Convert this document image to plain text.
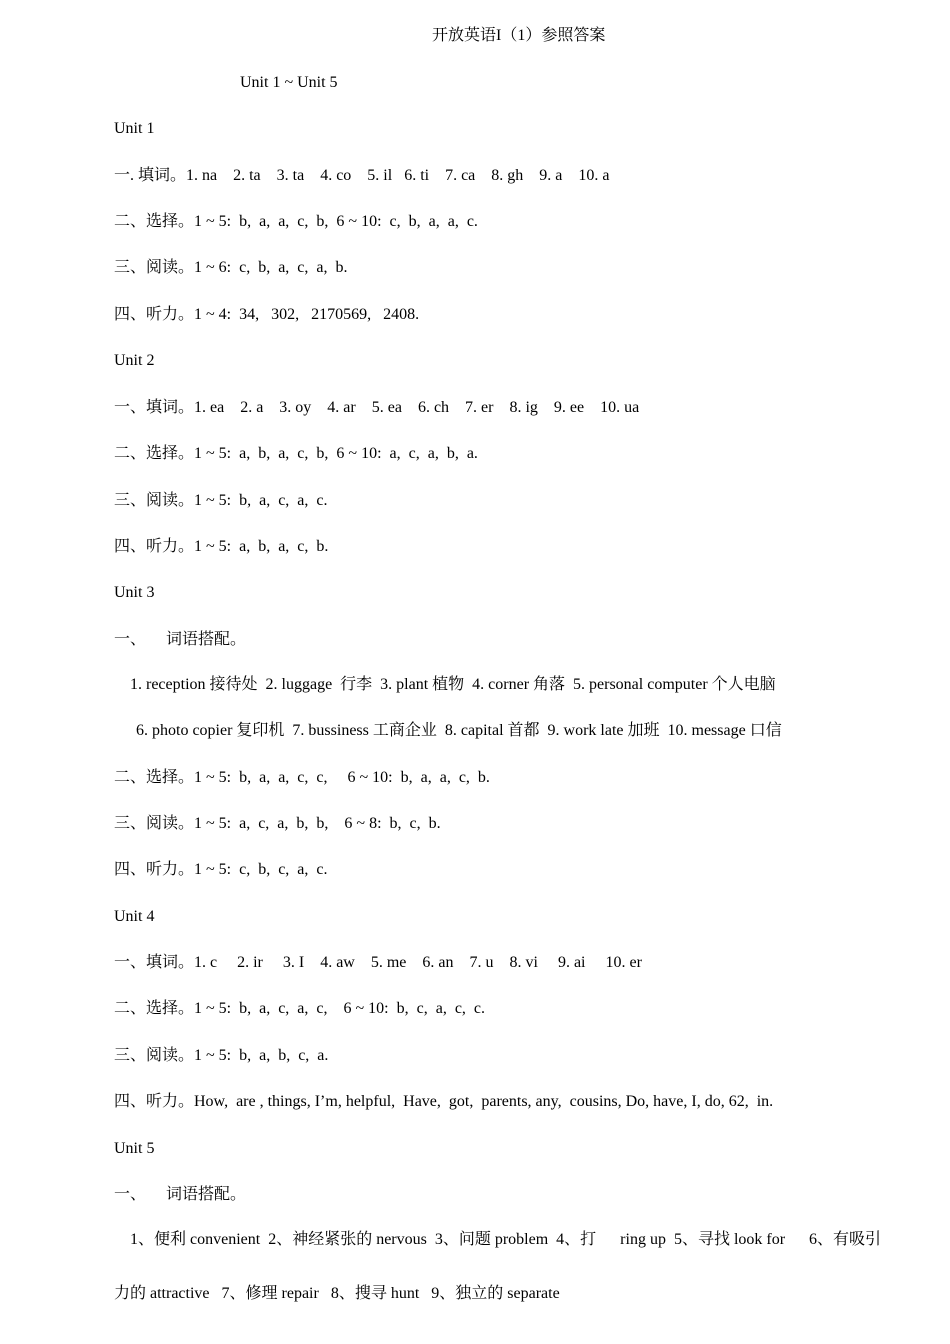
开放英语I（1）参照答案
Unit 1 ~ Unit 5
Unit 1
一. 填词。1. na    2. ta    3. ta    4. co    5. il   6. ti    7. ca    8. gh    9. a    10. a
二、选择。1 ~ 5:  b,  a,  a,  c,  b,  6 ~ 10:  c,  b,  a,  a,  c.
三、阅读。1 ~ 6:  c,  b,  a,  c,  a,  b.
四、听力。1 ~ 4:  34,   302,   2170569,   2408.
Unit 2
一、填词。1. ea    2. a    3. oy    4. ar    5. ea    6. ch    7. er    8. ig    9. ee    10. ua
二、选择。1 ~ 5:  a,  b,  a,  c,  b,  6 ~ 10:  a,  c,  a,  b,  a.
三、阅读。1 ~ 5:  b,  a,  c,  a,  c.
四、听力。1 ~ 5:  a,  b,  a,  c,  b.
Unit 3
一、     词语搭配。
1. reception 接待处  2. luggage  行李  3. plant 植物  4. corner 角落  5. personal computer 个人电脑
6. photo copier 复印机  7. bussiness 工商企业  8. capital 首都  9. work late 加班  10. message 口信
二、选择。1 ~ 5:  b,  a,  a,  c,  c,     6 ~ 10:  b,  a,  a,  c,  b.
三、阅读。1 ~ 5:  a,  c,  a,  b,  b,    6 ~ 8:  b,  c,  b.
四、听力。1 ~ 5:  c,  b,  c,  a,  c.
Unit 4
一、填词。1. c     2. ir     3. I    4. aw    5. me    6. an    7. u    8. vi     9. ai     10. er
二、选择。1 ~ 5:  b,  a,  c,  a,  c,    6 ~ 10:  b,  c,  a,  c,  c.
三、阅读。1 ~ 5:  b,  a,  b,  c,  a.
四、听力。How,  are , things, I’m, helpful,  Have,  got,  parents, any,  cousins, Do, have, I, do, 62,  in.
Unit 5
一、     词语搭配。
1、便利 convenient  2、神经紧张的 nervous  3、问题 problem  4、打      ring up  5、寻找 look for      6、有吸引
力的 attractive   7、修理 repair   8、搜寻 hunt   9、独立的 separate
